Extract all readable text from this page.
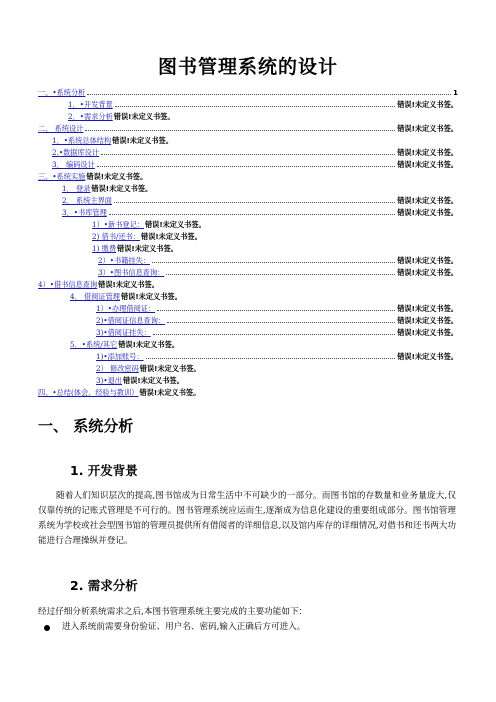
图书管理系统的设计
一、•系统分析	1
1．•开发背景	错误!未定义书签。
2．•需求分析 错误!未定义书签。
二、 系统设计	错误!未定义书签。
1．•系统总体结构 错误!未定义书签。
2.•数据库设计	错误!未定义书签。
3． 编码设计	错误!未定义书签。
三、•系统实施 错误!未定义书签。
1． 登录 错误!未定义书签。
2． 系统主界面	错误!未定义书签。
3．•书库管理	错误!未定义书签。
1）•新书登记： 错误!未定义书签。
2) 借书/还书： 错误!未定义书签。
1) 缴费 错误!未定义书签。
2）•书籍挂失：	错误!未定义书签。
3）•图书信息查询：	错误!未定义书签。
4）•借书信息查询 错误!未定义书签。
4． 借阅证管理 错误!未定义书签。
1）•办理借阅证：	错误!未定义书签。
2)•借阅证信息查询：	错误!未定义书签。
3)•借阅证挂失：	错误!未定义书签。
5．•系统/其它 错误!未定义书签。
1)•添加账号：	错误!未定义书签。
2） 修改密码 错误!未定义书签。
3)•退出 错误!未定义书签。
四、•总结(体会、经验与教训） 错误!未定义书签。
一、 系统分析
1. 开发背景
随着人们知识层次的提高,图书馆成为日常生活中不可缺少的一部分。而图书馆的存数量和业务量庞大,仅仅靠传统的记账式管理是不可行的。图书管理系统应运而生,逐渐成为信息化建设的重要组成部分。图书馆管理系统为学校或社会型图书馆的管理员提供所有借阅者的详细信息,以及馆内库存的详细情况,对借书和还书两大功能进行合理操纵并登记。
2. 需求分析
经过仔细分析系统需求之后,本图书管理系统主要完成的主要功能如下：
进入系统前需要身份验证、用户名、密码,输入正确后方可进入。
